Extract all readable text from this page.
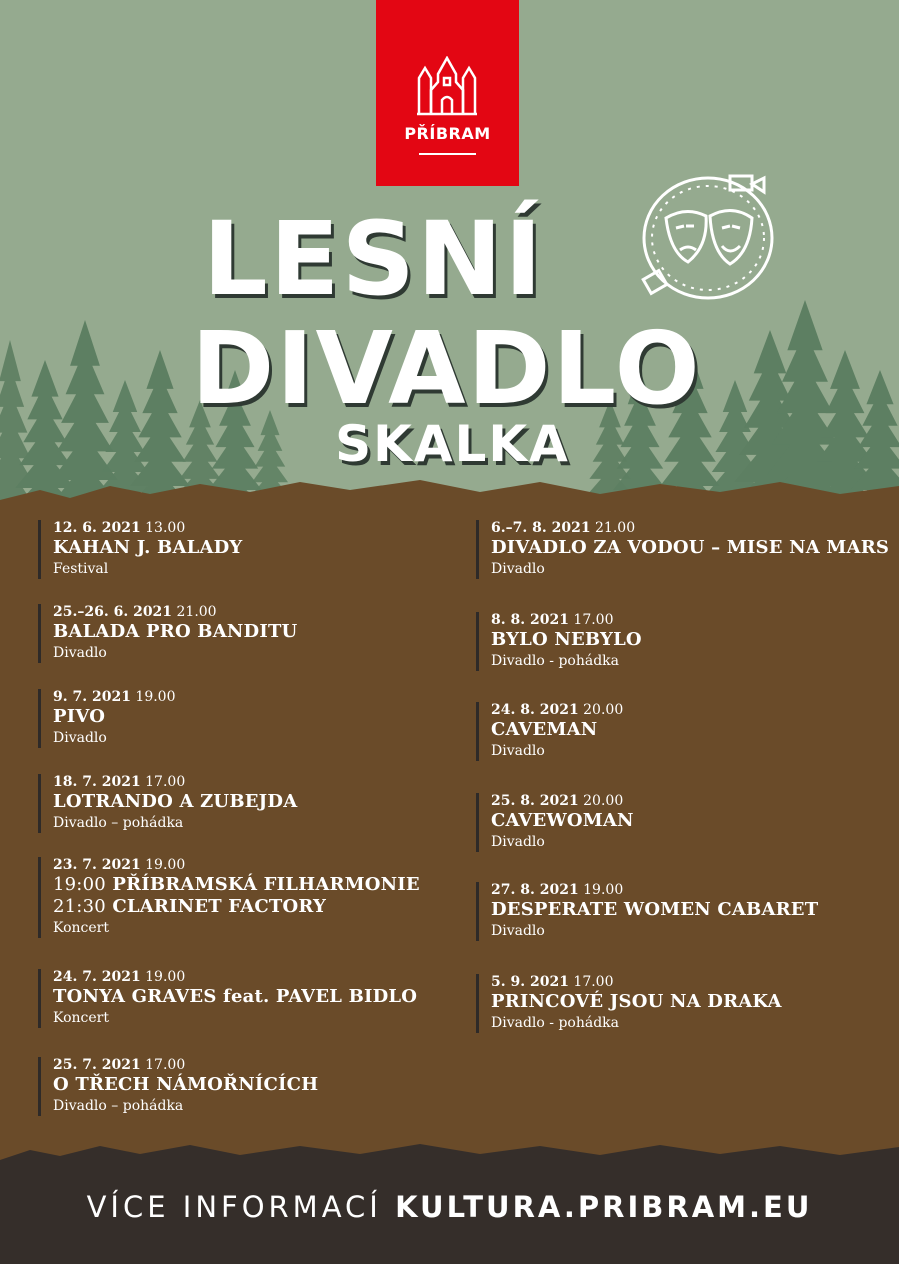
PŘÍBRAM
LESNÍ
DIVADLO
SKALKA
12. 6. 2021 13.00
KAHAN J. BALADY
Festival
25.–26. 6. 2021 21.00
BALADA PRO BANDITU
Divadlo
9. 7. 2021 19.00
PIVO
Divadlo
18. 7. 2021 17.00
LOTRANDO A ZUBEJDA
Divadlo – pohádka
23. 7. 2021 19.00
19:00 PŘÍBRAMSKÁ FILHARMONIE
21:30 CLARINET FACTORY
Koncert
24. 7. 2021 19.00
TONYA GRAVES feat. PAVEL BIDLO
Koncert
25. 7. 2021 17.00
O TŘECH NÁMOŘNÍCÍCH
Divadlo – pohádka
6.–7. 8. 2021 21.00
DIVADLO ZA VODOU – MISE NA MARS
Divadlo
8. 8. 2021 17.00
BYLO NEBYLO
Divadlo - pohádka
24. 8. 2021 20.00
CAVEMAN
Divadlo
25. 8. 2021 20.00
CAVEWOMAN
Divadlo
27. 8. 2021 19.00
DESPERATE WOMEN CABARET
Divadlo
5. 9. 2021 17.00
PRINCOVÉ JSOU NA DRAKA
Divadlo - pohádka
VÍCE INFORMACÍ KULTURA.PRIBRAM.EU
